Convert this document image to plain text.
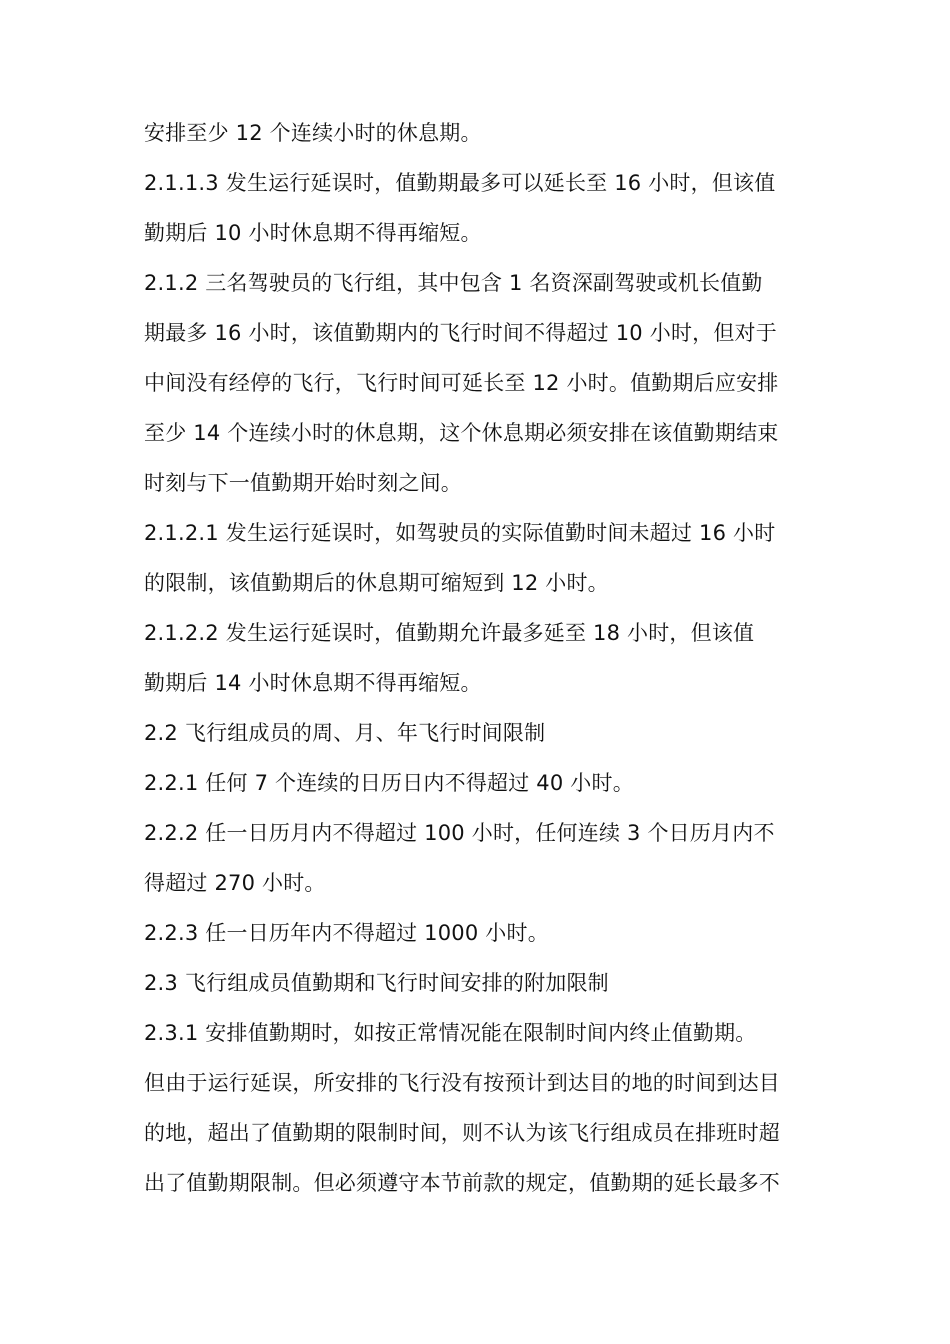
安排至少 12 个连续小时的休息期。
2.1.1.3 发生运行延误时，值勤期最多可以延长至 16 小时，但该值
勤期后 10 小时休息期不得再缩短。
2.1.2 三名驾驶员的飞行组，其中包含 1 名资深副驾驶或机长值勤
期最多 16 小时，该值勤期内的飞行时间不得超过 10 小时，但对于
中间没有经停的飞行，飞行时间可延长至 12 小时。值勤期后应安排
至少 14 个连续小时的休息期，这个休息期必须安排在该值勤期结束
时刻与下一值勤期开始时刻之间。
2.1.2.1 发生运行延误时，如驾驶员的实际值勤时间未超过 16 小时
的限制，该值勤期后的休息期可缩短到 12 小时。
2.1.2.2 发生运行延误时，值勤期允许最多延至 18 小时，但该值
勤期后 14 小时休息期不得再缩短。
2.2 飞行组成员的周、月、年飞行时间限制
2.2.1 任何 7 个连续的日历日内不得超过 40 小时。
2.2.2 任一日历月内不得超过 100 小时，任何连续 3 个日历月内不
得超过 270 小时。
2.2.3 任一日历年内不得超过 1000 小时。
2.3 飞行组成员值勤期和飞行时间安排的附加限制
2.3.1 安排值勤期时，如按正常情况能在限制时间内终止值勤期。
但由于运行延误，所安排的飞行没有按预计到达目的地的时间到达目
的地，超出了值勤期的限制时间，则不认为该飞行组成员在排班时超
出了值勤期限制。但必须遵守本节前款的规定，值勤期的延长最多不
